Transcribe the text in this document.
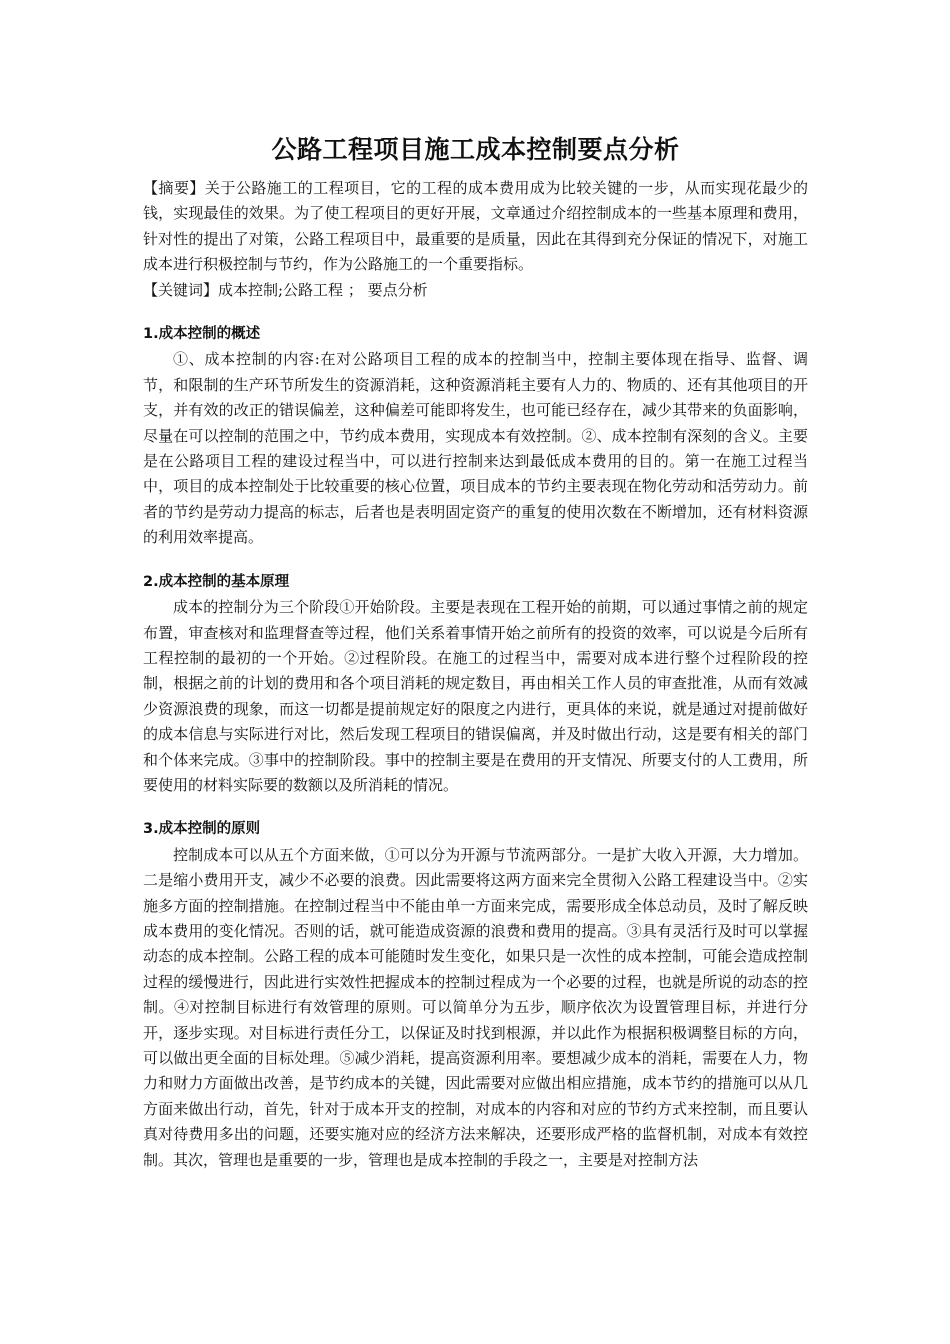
公路工程项目施工成本控制要点分析

【摘要】关于公路施工的工程项目，它的工程的成本费用成为比较关键的一步，从而实现花最少的钱，实现最佳的效果。为了使工程项目的更好开展，文章通过介绍控制成本的一些基本原理和费用，针对性的提出了对策，公路工程项目中，最重要的是质量，因此在其得到充分保证的情况下，对施工成本进行积极控制与节约，作为公路施工的一个重要指标。

【关键词】成本控制;公路工程 ； 要点分析

1.成本控制的概述

①、成本控制的内容:在对公路项目工程的成本的控制当中，控制主要体现在指导、监督、调节，和限制的生产环节所发生的资源消耗，这种资源消耗主要有人力的、物质的、还有其他项目的开支，并有效的改正的错误偏差，这种偏差可能即将发生，也可能已经存在，减少其带来的负面影响，尽量在可以控制的范围之中，节约成本费用，实现成本有效控制。②、成本控制有深刻的含义。主要是在公路项目工程的建设过程当中，可以进行控制来达到最低成本费用的目的。第一在施工过程当中，项目的成本控制处于比较重要的核心位置，项目成本的节约主要表现在物化劳动和活劳动力。前者的节约是劳动力提高的标志，后者也是表明固定资产的重复的使用次数在不断增加，还有材料资源的利用效率提高。

2.成本控制的基本原理

成本的控制分为三个阶段①开始阶段。主要是表现在工程开始的前期，可以通过事情之前的规定布置，审查核对和监理督查等过程，他们关系着事情开始之前所有的投资的效率，可以说是今后所有工程控制的最初的一个开始。②过程阶段。在施工的过程当中，需要对成本进行整个过程阶段的控制，根据之前的计划的费用和各个项目消耗的规定数目，再由相关工作人员的审查批准，从而有效减少资源浪费的现象，而这一切都是提前规定好的限度之内进行，更具体的来说，就是通过对提前做好的成本信息与实际进行对比，然后发现工程项目的错误偏离，并及时做出行动，这是要有相关的部门和个体来完成。③事中的控制阶段。事中的控制主要是在费用的开支情况、所要支付的人工费用，所要使用的材料实际要的数额以及所消耗的情况。

3.成本控制的原则

控制成本可以从五个方面来做，①可以分为开源与节流两部分。一是扩大收入开源，大力增加。二是缩小费用开支，减少不必要的浪费。因此需要将这两方面来完全贯彻入公路工程建设当中。②实施多方面的控制措施。在控制过程当中不能由单一方面来完成，需要形成全体总动员，及时了解反映成本费用的变化情况。否则的话，就可能造成资源的浪费和费用的提高。③具有灵活行及时可以掌握动态的成本控制。公路工程的成本可能随时发生变化，如果只是一次性的成本控制，可能会造成控制过程的缓慢进行，因此进行实效性把握成本的控制过程成为一个必要的过程，也就是所说的动态的控制。④对控制目标进行有效管理的原则。可以简单分为五步，顺序依次为设置管理目标，并进行分开，逐步实现。对目标进行责任分工，以保证及时找到根源，并以此作为根据积极调整目标的方向，可以做出更全面的目标处理。⑤减少消耗，提高资源利用率。要想减少成本的消耗，需要在人力，物力和财力方面做出改善，是节约成本的关键，因此需要对应做出相应措施，成本节约的措施可以从几方面来做出行动，首先，针对于成本开支的控制，对成本的内容和对应的节约方式来控制，而且要认真对待费用多出的问题，还要实施对应的经济方法来解决，还要形成严格的监督机制，对成本有效控制。其次，管理也是重要的一步，管理也是成本控制的手段之一，主要是对控制方法
